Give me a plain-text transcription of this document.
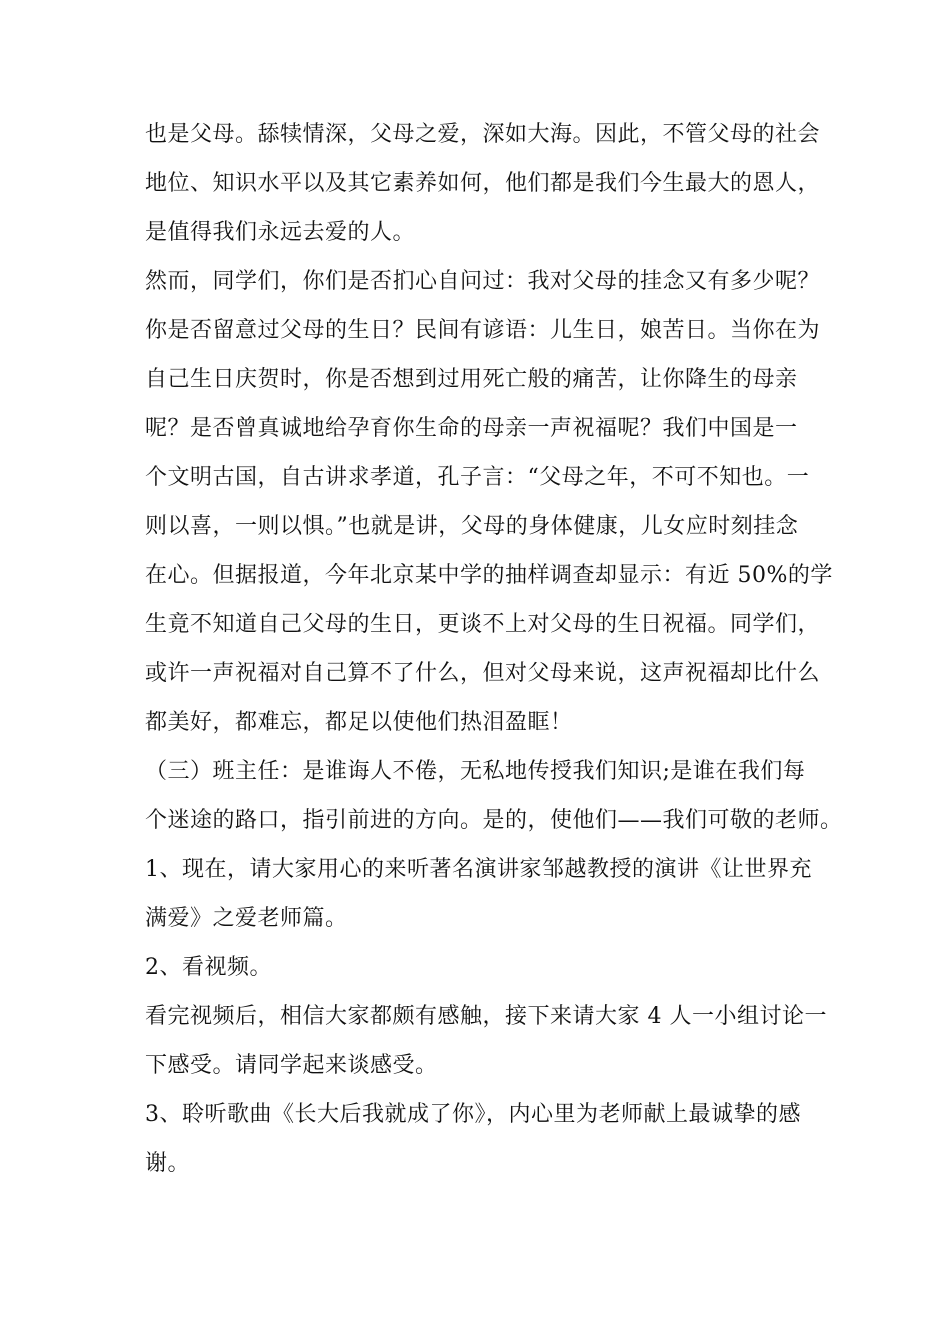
也是父母。舔犊情深，父母之爱，深如大海。因此，不管父母的社会
地位、知识水平以及其它素养如何，他们都是我们今生最大的恩人，
是值得我们永远去爱的人。
然而，同学们，你们是否扪心自问过：我对父母的挂念又有多少呢？
你是否留意过父母的生日？民间有谚语：儿生日，娘苦日。当你在为
自己生日庆贺时，你是否想到过用死亡般的痛苦，让你降生的母亲
呢？是否曾真诚地给孕育你生命的母亲一声祝福呢？我们中国是一
个文明古国，自古讲求孝道，孔子言：“父母之年，不可不知也。一
则以喜，一则以惧。”也就是讲，父母的身体健康，儿女应时刻挂念
在心。但据报道，今年北京某中学的抽样调查却显示：有近 50%的学
生竟不知道自己父母的生日，更谈不上对父母的生日祝福。同学们，
或许一声祝福对自己算不了什么，但对父母来说，这声祝福却比什么
都美好，都难忘，都足以使他们热泪盈眶！
（三）班主任：是谁诲人不倦，无私地传授我们知识;是谁在我们每
个迷途的路口，指引前进的方向。是的，使他们——我们可敬的老师。
1、现在，请大家用心的来听著名演讲家邹越教授的演讲《让世界充
满爱》之爱老师篇。
2、看视频。
看完视频后，相信大家都颇有感触，接下来请大家 4 人一小组讨论一
下感受。请同学起来谈感受。
3、聆听歌曲《长大后我就成了你》，内心里为老师献上最诚挚的感
谢。
